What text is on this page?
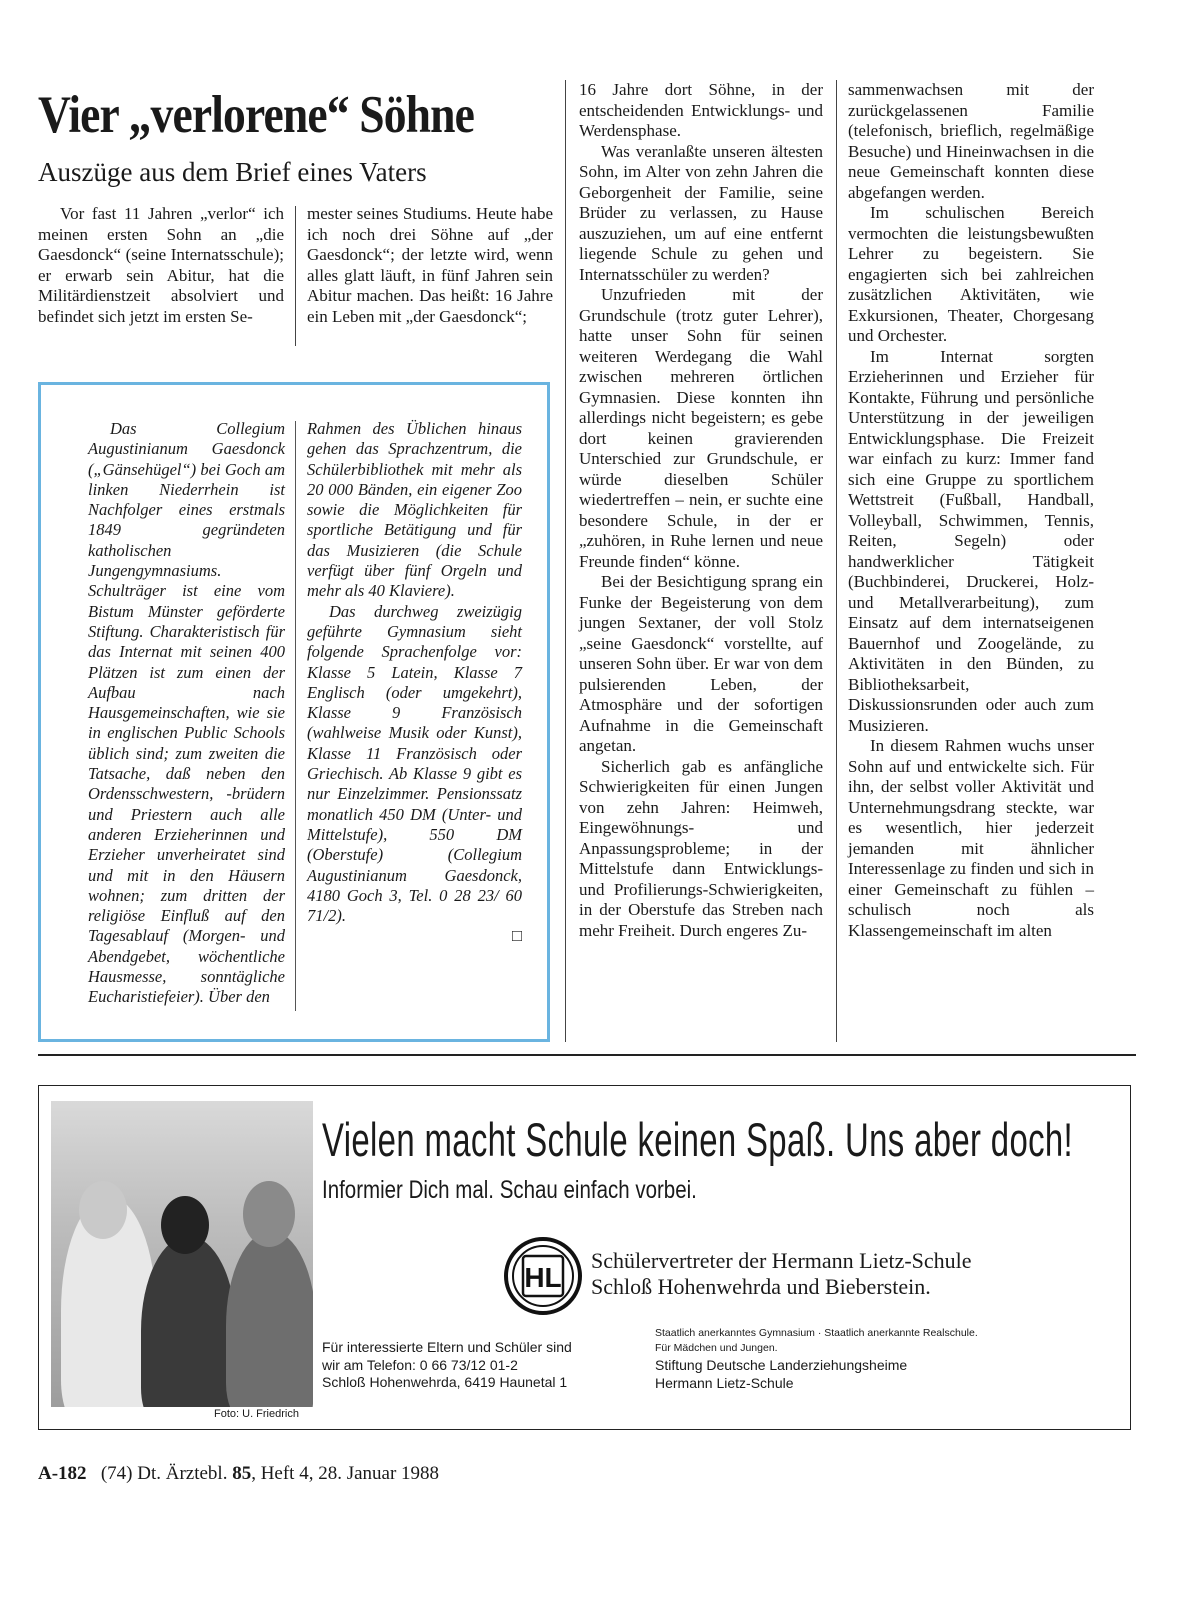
Vier „verlorene“ Söhne
Auszüge aus dem Brief eines Vaters

Vor fast 11 Jahren „verlor“ ich meinen ersten Sohn an „die Gaesdonck“ (seine Internatsschule); er erwarb sein Abitur, hat die Militärdienstzeit absolviert und befindet sich jetzt im ersten Se-

mester seines Studiums. Heute habe ich noch drei Söhne auf „der Gaesdonck“; der letzte wird, wenn alles glatt läuft, in fünf Jahren sein Abitur machen. Das heißt: 16 Jahre ein Leben mit „der Gaesdonck“;

Das Collegium Augustinianum Gaesdonck („Gänsehügel“) bei Goch am linken Niederrhein ist Nachfolger eines erstmals 1849 gegründeten katholischen Jungengymnasiums. Schulträger ist eine vom Bistum Münster geförderte Stiftung. Charakteristisch für das Internat mit seinen 400 Plätzen ist zum einen der Aufbau nach Hausgemeinschaften, wie sie in englischen Public Schools üblich sind; zum zweiten die Tatsache, daß neben den Ordensschwestern, -brüdern und Priestern auch alle anderen Erzieherinnen und Erzieher unverheiratet sind und mit in den Häusern wohnen; zum dritten der religiöse Einfluß auf den Tagesablauf (Morgen- und Abendgebet, wöchentliche Hausmesse, sonntägliche Eucharistiefeier). Über den

Rahmen des Üblichen hinaus gehen das Sprachzentrum, die Schülerbibliothek mit mehr als 20 000 Bänden, ein eigener Zoo sowie die Möglichkeiten für sportliche Betätigung und für das Musizieren (die Schule verfügt über fünf Orgeln und mehr als 40 Klaviere).

Das durchweg zweizügig geführte Gymnasium sieht folgende Sprachenfolge vor: Klasse 5 Latein, Klasse 7 Englisch (oder umgekehrt), Klasse 9 Französisch (wahlweise Musik oder Kunst), Klasse 11 Französisch oder Griechisch. Ab Klasse 9 gibt es nur Einzelzimmer. Pensionssatz monatlich 450 DM (Unter- und Mittelstufe), 550 DM (Oberstufe) (Collegium Augustinianum Gaesdonck, 4180 Goch 3, Tel. 0 28 23/ 60 71/2).

□

16 Jahre dort Söhne, in der entscheidenden Entwicklungs- und Werdensphase.

Was veranlaßte unseren ältesten Sohn, im Alter von zehn Jahren die Geborgenheit der Familie, seine Brüder zu verlassen, zu Hause auszuziehen, um auf eine entfernt liegende Schule zu gehen und Internatsschüler zu werden?

Unzufrieden mit der Grundschule (trotz guter Lehrer), hatte unser Sohn für seinen weiteren Werdegang die Wahl zwischen mehreren örtlichen Gymnasien. Diese konnten ihn allerdings nicht begeistern; es gebe dort keinen gravierenden Unterschied zur Grundschule, er würde dieselben Schüler wiedertreffen – nein, er suchte eine besondere Schule, in der er „zuhören, in Ruhe lernen und neue Freunde finden“ könne.

Bei der Besichtigung sprang ein Funke der Begeisterung von dem jungen Sextaner, der voll Stolz „seine Gaesdonck“ vorstellte, auf unseren Sohn über. Er war von dem pulsierenden Leben, der Atmosphäre und der sofortigen Aufnahme in die Gemeinschaft angetan.

Sicherlich gab es anfängliche Schwierigkeiten für einen Jungen von zehn Jahren: Heimweh, Eingewöhnungs- und Anpassungsprobleme; in der Mittelstufe dann Entwicklungs- und Profilierungs-Schwierigkeiten, in der Oberstufe das Streben nach mehr Freiheit. Durch engeres Zu-

sammenwachsen mit der zurückgelassenen Familie (telefonisch, brieflich, regelmäßige Besuche) und Hineinwachsen in die neue Gemeinschaft konnten diese abgefangen werden.

Im schulischen Bereich vermochten die leistungsbewußten Lehrer zu begeistern. Sie engagierten sich bei zahlreichen zusätzlichen Aktivitäten, wie Exkursionen, Theater, Chorgesang und Orchester.

Im Internat sorgten Erzieherinnen und Erzieher für Kontakte, Führung und persönliche Unterstützung in der jeweiligen Entwicklungsphase. Die Freizeit war einfach zu kurz: Immer fand sich eine Gruppe zu sportlichem Wettstreit (Fußball, Handball, Volleyball, Schwimmen, Tennis, Reiten, Segeln) oder handwerklicher Tätigkeit (Buchbinderei, Druckerei, Holz- und Metallverarbeitung), zum Einsatz auf dem internatseigenen Bauernhof und Zoogelände, zu Aktivitäten in den Bünden, zu Bibliotheksarbeit, Diskussionsrunden oder auch zum Musizieren.

In diesem Rahmen wuchs unser Sohn auf und entwickelte sich. Für ihn, der selbst voller Aktivität und Unternehmungsdrang steckte, war es wesentlich, hier jederzeit jemanden mit ähnlicher Interessenlage zu finden und sich in einer Gemeinschaft zu fühlen – schulisch noch als Klassengemeinschaft im alten

Foto: U. Friedrich
Vielen macht Schule keinen Spaß. Uns aber doch!
Informier Dich mal. Schau einfach vorbei.
HL
Schülervertreter der Hermann Lietz-Schule
Schloß Hohenwehrda und Bieberstein.
Für interessierte Eltern und Schüler sind
wir am Telefon: 0 66 73/12 01-2
Schloß Hohenwehrda, 6419 Haunetal 1
Staatlich anerkanntes Gymnasium · Staatlich anerkannte Realschule.
Für Mädchen und Jungen.
Stiftung Deutsche Landerziehungsheime
Hermann Lietz-Schule
A-182 (74) Dt. Ärztebl. 85, Heft 4, 28. Januar 1988
